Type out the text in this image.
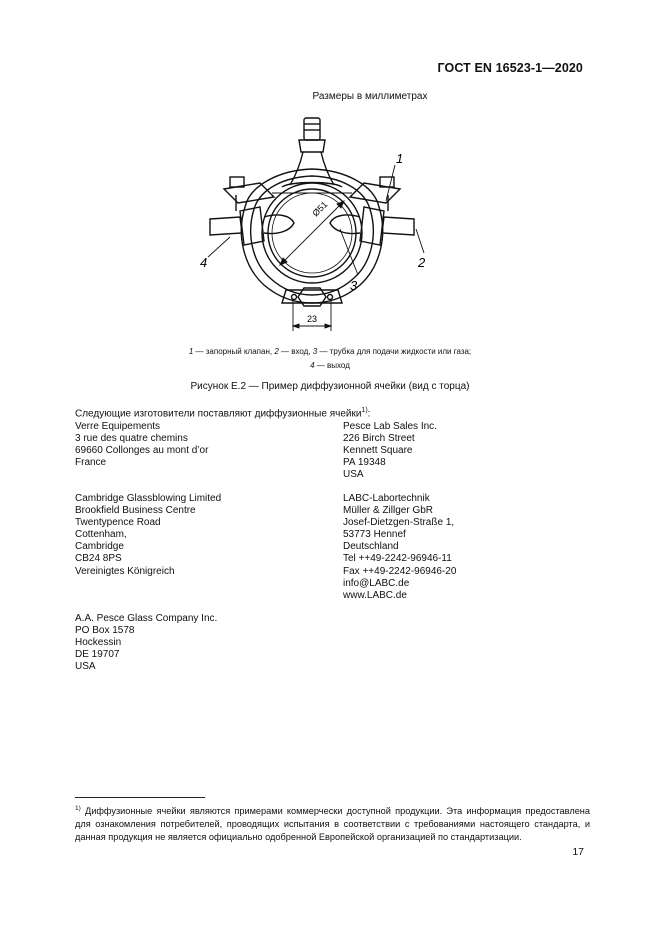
ГОСТ EN 16523-1—2020
Размеры в миллиметрах
Ø51
23
1
2
3
4
1 — запорный клапан, 2 — вход, 3 — трубка для подачи жидкости или газа;
4 — выход
Рисунок Е.2 — Пример диффузионной ячейки (вид с торца)
Следующие изготовители поставляют диффузионные ячейки$^{1)}$:
Verre Equipements
3 rue des quatre chemins
69660 Collonges au mont d’or
France
Cambridge Glassblowing Limited
Brookfield Business Centre
Twentypence Road
Cottenham,
Cambridge
CB24 8PS
Vereinigtes Königreich
A.A. Pesce Glass Company Inc.
PO Box 1578
Hockessin
DE 19707
USA
Pesce Lab Sales Inc.
226 Birch Street
Kennett Square
PA 19348
USA
LABC-Labortechnik
Müller & Zillger GbR
Josef-Dietzgen-Straße 1,
53773 Hennef
Deutschland
Tel ++49-2242-96946-11
Fax ++49-2242-96946-20
info@LABC.de
www.LABC.de
$^{1)}$ Диффузионные ячейки являются примерами коммерчески доступной продукции. Эта информация предоставлена для ознакомления потребителей, проводящих испытания в соответствии с требованиями настоящего стандарта, и данная продукция не является официально одобренной Европейской организацией по стандартизации.
17
